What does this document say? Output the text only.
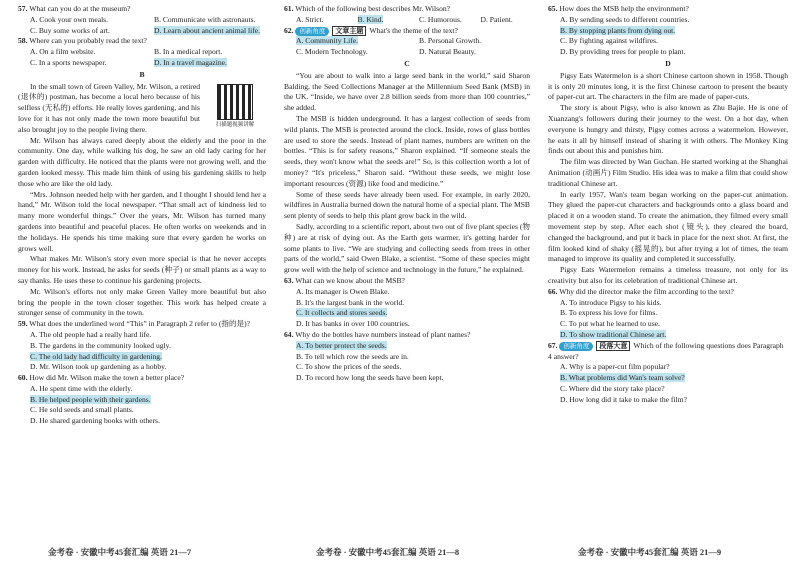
57. What can you do at the museum?
A. Cook your own meals.	B. Communicate with astronauts.
C. Buy some works of art.	D. Learn about ancient animal life.
58. Where can you probably read the text?
A. On a film website.	B. In a medical report.
C. In a sports newspaper.	D. In a travel magazine.
B
扫描题视频讲解

In the small town of Green Valley, Mr. Wilson, a retired (退休的) postman, has become a local hero because of his selfless (无私的) efforts. He really loves gardening, and his love for it has not only made the town more beautiful but also brought joy to the people living there.

Mr. Wilson has always cared deeply about the elderly and the poor in the community. One day, while walking his dog, he saw an old lady caring for her garden with difficulty. He noticed that the plants were not growing well, and the garden looked messy. This made him think of using his gardening skills to help those who are like the old lady.

“Mrs. Johnson needed help with her garden, and I thought I should lend her a hand,” Mr. Wilson told the local newspaper. “That small act of kindness led to many more wonderful things.” Over the years, Mr. Wilson has turned many gardens into beautiful and peaceful places. He often works on weekends and in the holidays. He spends his time making sure that every garden he works on grows well.

What makes Mr. Wilson's story even more special is that he never accepts money for his work. Instead, he asks for seeds (种子) or small plants as a way to say thanks. He uses these to continue his gardening projects.

Mr. Wilson's efforts not only make Green Valley more beautiful but also bring the people in the town closer together. This work has helped create a stronger sense of community in the town.

59. What does the underlined word “This” in Paragraph 2 refer to (指的是)?
A. The old people had a really hard life.
B. The gardens in the community looked ugly.
C. The old lady had difficulty in gardening.
D. Mr. Wilson took up gardening as a hobby.
60. How did Mr. Wilson make the town a better place?
A. He spent time with the elderly.
B. He helped people with their gardens.
C. He sold seeds and small plants.
D. He shared gardening books with others.
61. Which of the following best describes Mr. Wilson?
A. Strict.	B. Kind.	C. Humorous.	D. Patient.
62. 创新角度 文章主题 What's the theme of the text?
A. Community Life.	B. Personal Growth.
C. Modern Technology.	D. Natural Beauty.
C

“You are about to walk into a large seed bank in the world,” said Sharon Balding, the Seed Collections Manager at the Millennium Seed Bank (MSB) in the UK. “Inside, we have over 2.8 billion seeds from more than 100 countries,” she added.

The MSB is hidden underground. It has a largest collection of seeds from wild plants. The MSB is protected around the clock. Inside, rows of glass bottles are used to store the seeds. Instead of plant names, numbers are written on the bottles. “This is for safety reasons,” Sharon explained. “If someone steals the seeds, they won't know what the seeds are!” So, is this collection worth a lot of money? “It's priceless,” Sharon said. “Without these seeds, we might lose important resources (资源) like food and medicine.”

Some of these seeds have already been used. For example, in early 2020, wildfires in Australia burned down the natural home of a special plant. The MSB sent plenty of seeds to help this plant grow back in the wild.

Sadly, according to a scientific report, about two out of five plant species (物种) are at risk of dying out. As the Earth gets warmer, it's getting harder for some plants to live. “We are studying and collecting seeds from trees in other parts of the world,” said Owen Blake, a scientist. “Some of these species might grow well with the help of science and technology in the future,” he explained.

63. What can we know about the MSB?
A. Its manager is Owen Blake.
B. It's the largest bank in the world.
C. It collects and stores seeds.
D. It has banks in over 100 countries.
64. Why do the bottles have numbers instead of plant names?
A. To better protect the seeds.
B. To tell which row the seeds are in.
C. To show the prices of the seeds.
D. To record how long the seeds have been kept.
65. How does the MSB help the environment?
A. By sending seeds to different countries.
B. By stopping plants from dying out.
C. By fighting against wildfires.
D. By providing trees for people to plant.
D

Pigsy Eats Watermelon is a short Chinese cartoon shown in 1958. Though it is only 20 minutes long, it is the first Chinese cartoon to present the beauty of paper-cut art. The characters in the film are made of paper-cuts.

The story is about Pigsy, who is also known as Zhu Bajie. He is one of Xuanzang's followers during their journey to the west. On a hot day, when everyone is hungry and thirsty, Pigsy comes across a watermelon. However, he eats it all by himself instead of sharing it with others. The Monkey King finds out about this and punishes him.

The film was directed by Wan Guchan. He started working at the Shanghai Animation (动画片) Film Studio. His idea was to make a film that could show traditional Chinese art.

In early 1957, Wan's team began working on the paper-cut animation. They glued the paper-cut characters and backgrounds onto a glass board and placed it on a wooden stand. To create the animation, they filmed every small movement step by step. After each shot (镜头), they cleared the board, changed the background, and put it back in place for the next shot. At first, the film looked kind of shaky (摇晃的), but after trying a lot of times, the team managed to improve its quality and completed it successfully.

Pigsy Eats Watermelon remains a timeless treasure, not only for its creativity but also for its celebration of traditional Chinese art.

66. Why did the director make the film according to the text?
A. To introduce Pigsy to his kids.
B. To express his love for films.
C. To put what he learned to use.
D. To show traditional Chinese art.
67. 创新角度 段落大意 Which of the following questions does Paragraph 4 answer?
A. Why is a paper-cut film popular?
B. What problems did Wan's team solve?
C. Where did the story take place?
D. How long did it take to make the film?
金考卷 · 安徽中考45套汇编 英语 21—7	金考卷 · 安徽中考45套汇编 英语 21—8	金考卷 · 安徽中考45套汇编 英语 21—9
